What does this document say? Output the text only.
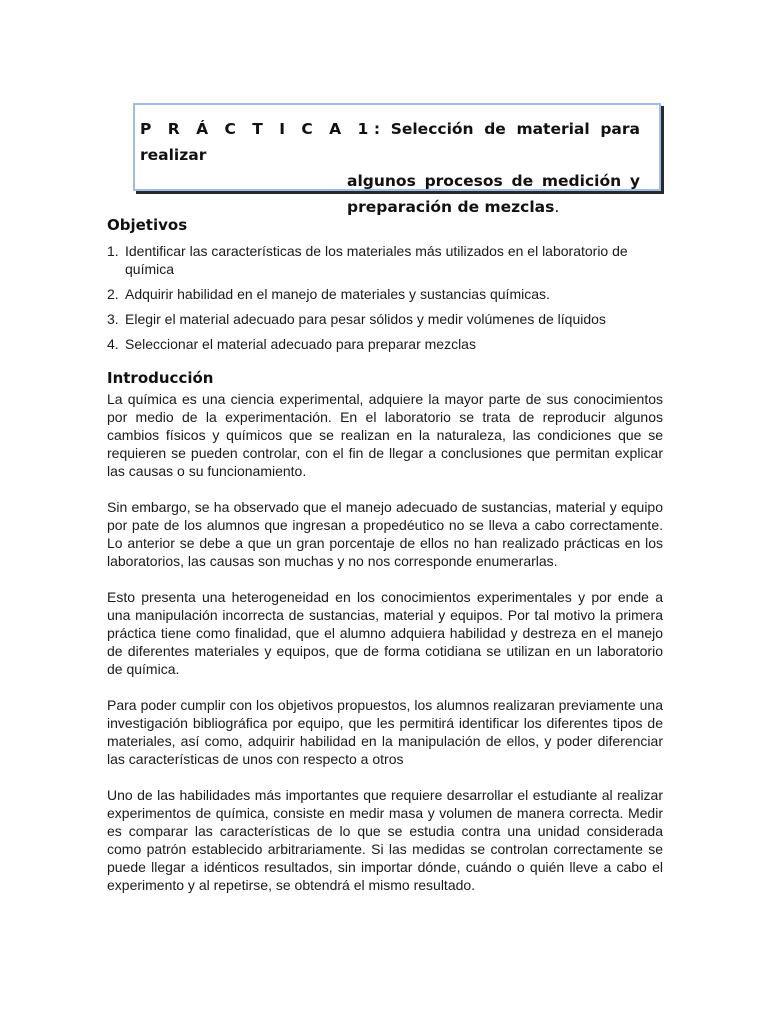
P R Á C T I C A 1: Selección de material para realizar
algunos procesos de medición y
preparación de mezclas.
Objetivos
1. Identificar las características de los materiales más utilizados en el laboratorio de química
2. Adquirir habilidad en el manejo de materiales y sustancias químicas.
3. Elegir el material adecuado para pesar sólidos y medir volúmenes de líquidos
4. Seleccionar el material adecuado para preparar mezclas
Introducción

La química es una ciencia experimental, adquiere la mayor parte de sus conocimientos por medio de la experimentación. En el laboratorio se trata de reproducir algunos cambios físicos y químicos que se realizan en la naturaleza, las condiciones que se requieren se pueden controlar, con el fin de llegar a conclusiones que permitan explicar las causas o su funcionamiento.

Sin embargo, se ha observado que el manejo adecuado de sustancias, material y equipo por pate de los alumnos que ingresan a propedéutico no se lleva a cabo correctamente. Lo anterior se debe a que un gran porcentaje de ellos no han realizado prácticas en los laboratorios, las causas son muchas y no nos corresponde enumerarlas.

Esto presenta una heterogeneidad en los conocimientos experimentales y por ende a una manipulación incorrecta de sustancias, material y equipos. Por tal motivo la primera práctica tiene como finalidad, que el alumno adquiera habilidad y destreza en el manejo de diferentes materiales y equipos, que de forma cotidiana se utilizan en un laboratorio de química.

Para poder cumplir con los objetivos propuestos, los alumnos realizaran previamente una investigación bibliográfica por equipo, que les permitirá identificar los diferentes tipos de materiales, así como, adquirir habilidad en la manipulación de ellos, y poder diferenciar las características de unos con respecto a otros

Uno de las habilidades más importantes que requiere desarrollar el estudiante al realizar experimentos de química, consiste en medir masa y volumen de manera correcta. Medir es comparar las características de lo que se estudia contra una unidad considerada como patrón establecido arbitrariamente. Si las medidas se controlan correctamente se puede llegar a idénticos resultados, sin importar dónde, cuándo o quién lleve a cabo el experimento y al repetirse, se obtendrá el mismo resultado.
